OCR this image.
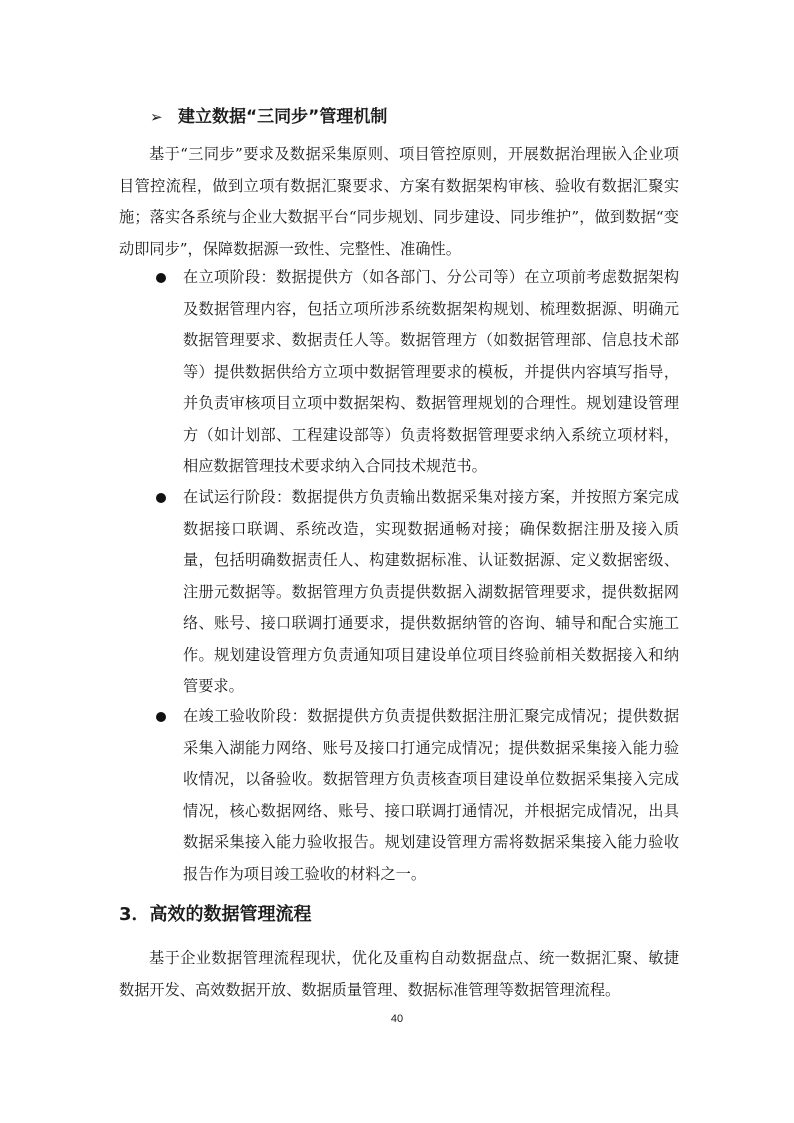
➢ 建立数据“三同步”管理机制

基于“三同步”要求及数据采集原则、项目管控原则，开展数据治理嵌入企业项目管控流程，做到立项有数据汇聚要求、方案有数据架构审核、验收有数据汇聚实施；落实各系统与企业大数据平台“同步规划、同步建设、同步维护”，做到数据“变动即同步”，保障数据源一致性、完整性、准确性。

在立项阶段：数据提供方（如各部门、分公司等）在立项前考虑数据架构及数据管理内容，包括立项所涉系统数据架构规划、梳理数据源、明确元数据管理要求、数据责任人等。数据管理方（如数据管理部、信息技术部等）提供数据供给方立项中数据管理要求的模板，并提供内容填写指导，并负责审核项目立项中数据架构、数据管理规划的合理性。规划建设管理方（如计划部、工程建设部等）负责将数据管理要求纳入系统立项材料，相应数据管理技术要求纳入合同技术规范书。
在试运行阶段：数据提供方负责输出数据采集对接方案，并按照方案完成数据接口联调、系统改造，实现数据通畅对接；确保数据注册及接入质量，包括明确数据责任人、构建数据标准、认证数据源、定义数据密级、注册元数据等。数据管理方负责提供数据入湖数据管理要求，提供数据网络、账号、接口联调打通要求，提供数据纳管的咨询、辅导和配合实施工作。规划建设管理方负责通知项目建设单位项目终验前相关数据接入和纳管要求。
在竣工验收阶段：数据提供方负责提供数据注册汇聚完成情况；提供数据采集入湖能力网络、账号及接口打通完成情况；提供数据采集接入能力验收情况，以备验收。数据管理方负责核查项目建设单位数据采集接入完成情况，核心数据网络、账号、接口联调打通情况，并根据完成情况，出具数据采集接入能力验收报告。规划建设管理方需将数据采集接入能力验收报告作为项目竣工验收的材料之一。
3．高效的数据管理流程

基于企业数据管理流程现状，优化及重构自动数据盘点、统一数据汇聚、敏捷数据开发、高效数据开放、数据质量管理、数据标准管理等数据管理流程。

40
